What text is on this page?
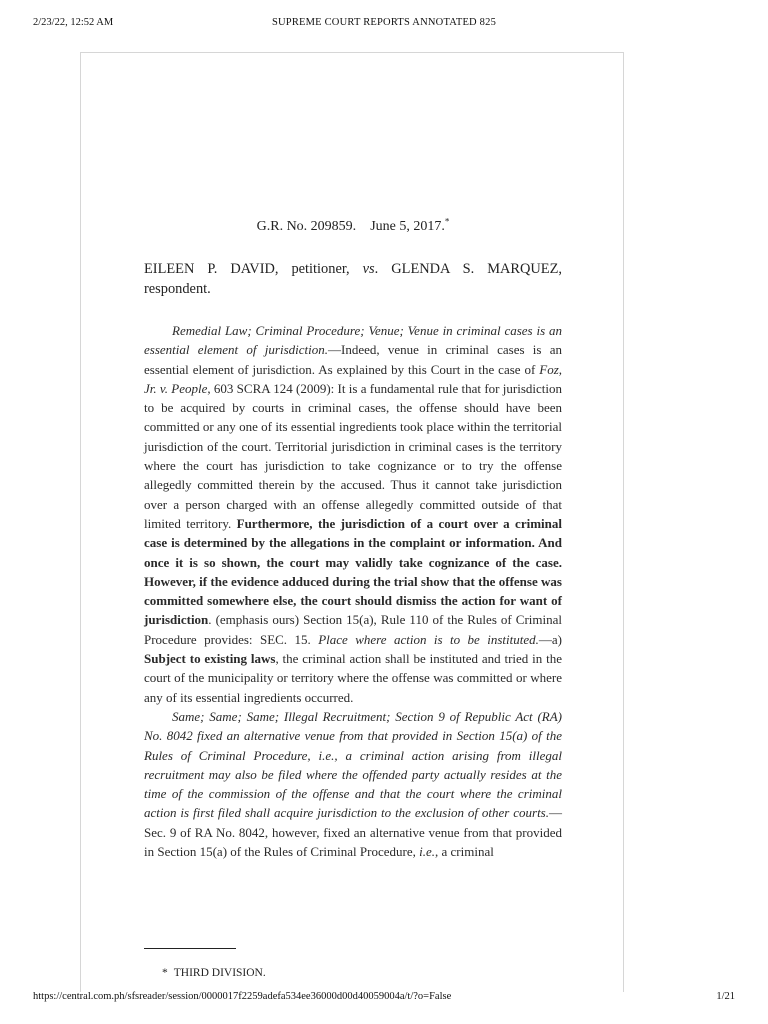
2/23/22, 12:52 AM	SUPREME COURT REPORTS ANNOTATED 825
G.R. No. 209859. June 5, 2017.*
EILEEN P. DAVID, petitioner, vs. GLENDA S. MARQUEZ, respondent.

Remedial Law; Criminal Procedure; Venue; Venue in criminal cases is an essential element of jurisdiction.—Indeed, venue in criminal cases is an essential element of jurisdiction. As explained by this Court in the case of Foz, Jr. v. People, 603 SCRA 124 (2009): It is a fundamental rule that for jurisdiction to be acquired by courts in criminal cases, the offense should have been committed or any one of its essential ingredients took place within the territorial jurisdiction of the court. Territorial jurisdiction in criminal cases is the territory where the court has jurisdiction to take cognizance or to try the offense allegedly committed therein by the accused. Thus it cannot take jurisdiction over a person charged with an offense allegedly committed outside of that limited territory. Furthermore, the jurisdiction of a court over a criminal case is determined by the allegations in the complaint or information. And once it is so shown, the court may validly take cognizance of the case. However, if the evidence adduced during the trial show that the offense was committed somewhere else, the court should dismiss the action for want of jurisdiction. (emphasis ours) Section 15(a), Rule 110 of the Rules of Criminal Procedure provides: SEC. 15. Place where action is to be instituted.—a) Subject to existing laws, the criminal action shall be instituted and tried in the court of the municipality or territory where the offense was committed or where any of its essential ingredients occurred.

Same; Same; Same; Illegal Recruitment; Section 9 of Republic Act (RA) No. 8042 fixed an alternative venue from that provided in Section 15(a) of the Rules of Criminal Procedure, i.e., a criminal action arising from illegal recruitment may also be filed where the offended party actually resides at the time of the commission of the offense and that the court where the criminal action is first filed shall acquire jurisdiction to the exclusion of other courts.—Sec. 9 of RA No. 8042, however, fixed an alternative venue from that provided in Section 15(a) of the Rules of Criminal Procedure, i.e., a criminal

* THIRD DIVISION.
https://central.com.ph/sfsreader/session/0000017f2259adefa534ee36000d00d40059004a/t/?o=False	1/21
